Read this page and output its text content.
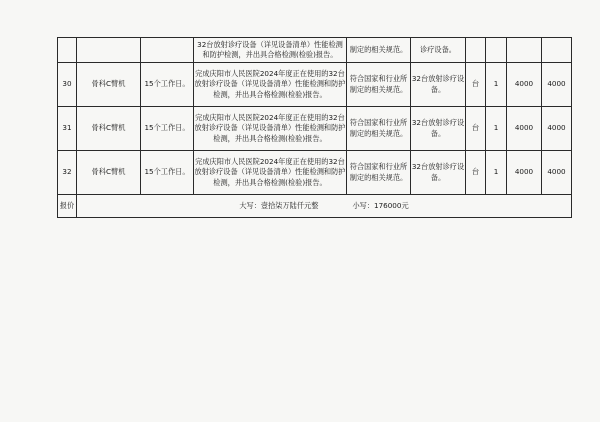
			32台放射诊疗设备（详见设备清单）性能检测和防护检测，并出具合格检测(检验)报告。	制定的相关规范。	诊疗设备。				
30	骨科C臂机	15个工作日。	完成庆阳市人民医院2024年度正在使用的32台放射诊疗设备（详见设备清单）性能检测和防护检测，并出具合格检测(检验)报告。	符合国家和行业所制定的相关规范。	32台放射诊疗设备。	台	1	4000	4000
31	骨科C臂机	15个工作日。	完成庆阳市人民医院2024年度正在使用的32台放射诊疗设备（详见设备清单）性能检测和防护检测，并出具合格检测(检验)报告。	符合国家和行业所制定的相关规范。	32台放射诊疗设备。	台	1	4000	4000
32	骨科C臂机	15个工作日。	完成庆阳市人民医院2024年度正在使用的32台放射诊疗设备（详见设备清单）性能检测和防护检测，并出具合格检测(检验)报告。	符合国家和行业所制定的相关规范。	32台放射诊疗设备。	台	1	4000	4000
报价	大写：壹拾柒万陆仟元整 小写：176000元								
